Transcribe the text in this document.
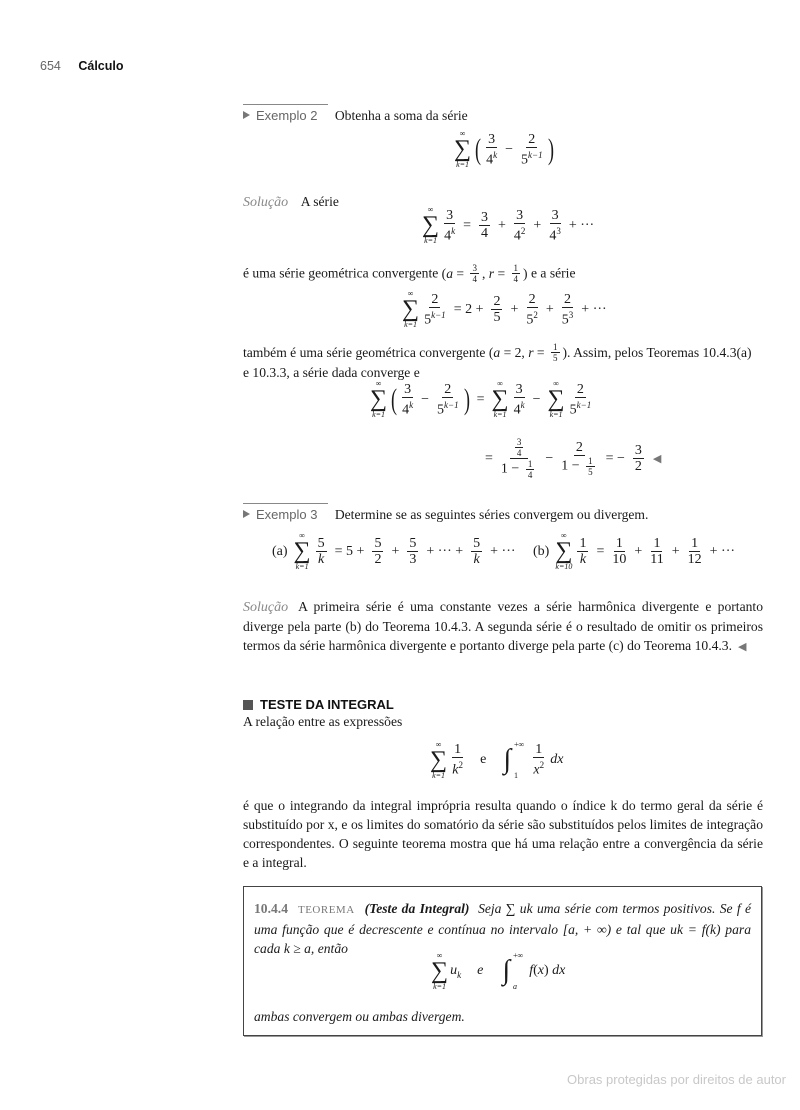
654 Cálculo
Exemplo 2 Obtenha a soma da série
∞
∑
k=1 ( $\frac{3}{4^k} - \frac{2}{5^{k-1}}$ )
Solução A série
∞
∑
$k=1 \frac{3}{4^k} = \frac{3}{4} + \frac{3}{4^2} + \frac{3}{4^3}$ + ···
é uma série geométrica convergente ( $a = \frac{3}{4}$ , $r = \frac{1}{4}$ ) e a série
∞
∑
$k=1 \frac{2}{5^{k-1}} = 2 + \frac{2}{5} + \frac{2}{5^2} + \frac{2}{5^3}$ + ···
também é uma série geométrica convergente ( a = 2, $r = \frac{1}{5}$ ). Assim, pelos Teoremas 10.4.3(a)
e 10.3.3, a série dada converge e
∞
∑
k=1 ( $\frac{3}{4^k} - \frac{2}{5^{k-1}}$ ) =
∞
∑
$k=1 \frac{3}{4^k}$ −
∞
∑
$k=1 \frac{2}{5^{k-1}}$
= $\frac{\frac{3}{4}}{1 - \frac{1}{4}} - \frac{2}{1 - \frac{1}{5}}$ = − $\frac{3}{2}$ ◀
Exemplo 3 Determine se as seguintes séries convergem ou divergem.
(a)
∞
∑
$k=1 \frac{5}{k} = 5 + \frac{5}{2} + \frac{5}{3}$ + ··· + $\frac{5}{k}$ + ··· (b)
∞
∑
$k=10 \frac{1}{k} = \frac{1}{10} + \frac{1}{11} + \frac{1}{12}$ + ···
Solução A primeira série é uma constante vezes a série harmônica divergente e portanto diverge pela parte (b) do Teorema 10.4.3. A segunda série é o resultado de omitir os primeiros termos da série harmônica divergente e portanto diverge pela parte (c) do Teorema 10.4.3. ◀
TESTE DA INTEGRAL
A relação entre as expressões
∞
∑
$k=1 \frac{1}{k^2}$ e ∫ +∞
1	$\frac{1}{x^2}$ dx
é que o integrando da integral imprópria resulta quando o índice k do termo geral da série é substituído por x, e os limites do somatório da série são substituídos pelos limites de integração correspondentes. O seguinte teorema mostra que há uma relação entre a convergência da série e a integral.
10.4.4 TEOREMA (Teste da Integral) Seja ∑ uk uma série com termos positivos. Se f é uma função que é decrescente e contínua no intervalo [a, + ∞) e tal que uk = f(k) para cada k ≥ a, então	∞
∑
k=1
$u_k$ e ∫ +∞
a
f ( x ) dx
ambas convergem ou ambas divergem.
Obras protegidas por direitos de autor
